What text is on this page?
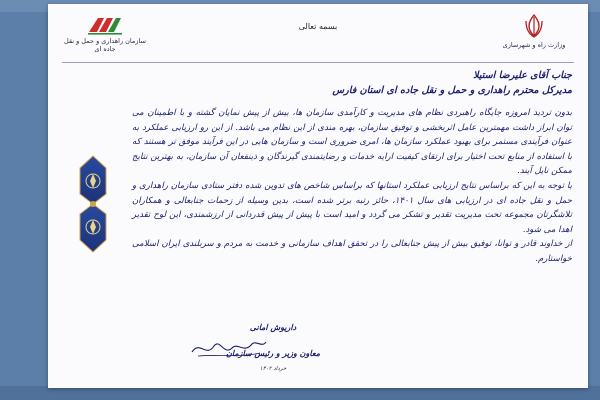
وزارت راه و شهرسازی
بسمه تعالی
سازمان راهداری و حمل و نقل جاده ای

جناب آقای علیرضا استیلا

مدیرکل محترم راهداری و حمل و نقل جاده ای استان فارس

بدون تردید امروزه جایگاه راهبردی نظام های مدیریت و کارآمدی سازمان ها، بیش از پیش نمایان گشته و با اطمینان می توان ابراز داشت مهمترین عامل اثربخشی و توفیق سازمان، بهره مندی از این نظام می باشد. از این رو ارزیابی عملکرد به عنوان فرآیندی مستمر برای بهبود عملکرد سازمان ها، امری ضروری است و سازمان هایی در این فرآیند موفق تر هستند که با استفاده از منابع تحت اختیار برای ارتقای کیفیت ارایه خدمات و رضایتمندی گیرندگان و ذینفعان آن سازمان، به بهترین نتایج ممکن نایل آیند.

با توجه به این که براساس نتایج ارزیابی عملکرد استانها که براساس شاخص های تدوین شده دفتر ستادی سازمان راهداری و حمل و نقل جاده ای در ارزیابی های سال ۱۴۰۱، حائز رتبه برتر شده است، بدین وسیله از زحمات جنابعالی و همکاران تلاشگرتان مجموعه تحت مدیریت تقدیر و تشکر می گردد و امید است با پیش از پیش قدردانی از ارزشمندی، این لوح تقدیر اهدا می شود.

از خداوند قادر و توانا، توفیق بیش از پیش جنابعالی را در تحقق اهداف سازمانی و خدمت به مردم و سربلندی ایران اسلامی خواستارم.

داریوش امانی
معاون وزیر و رئیس سازمان
خرداد ۱۴۰۲
